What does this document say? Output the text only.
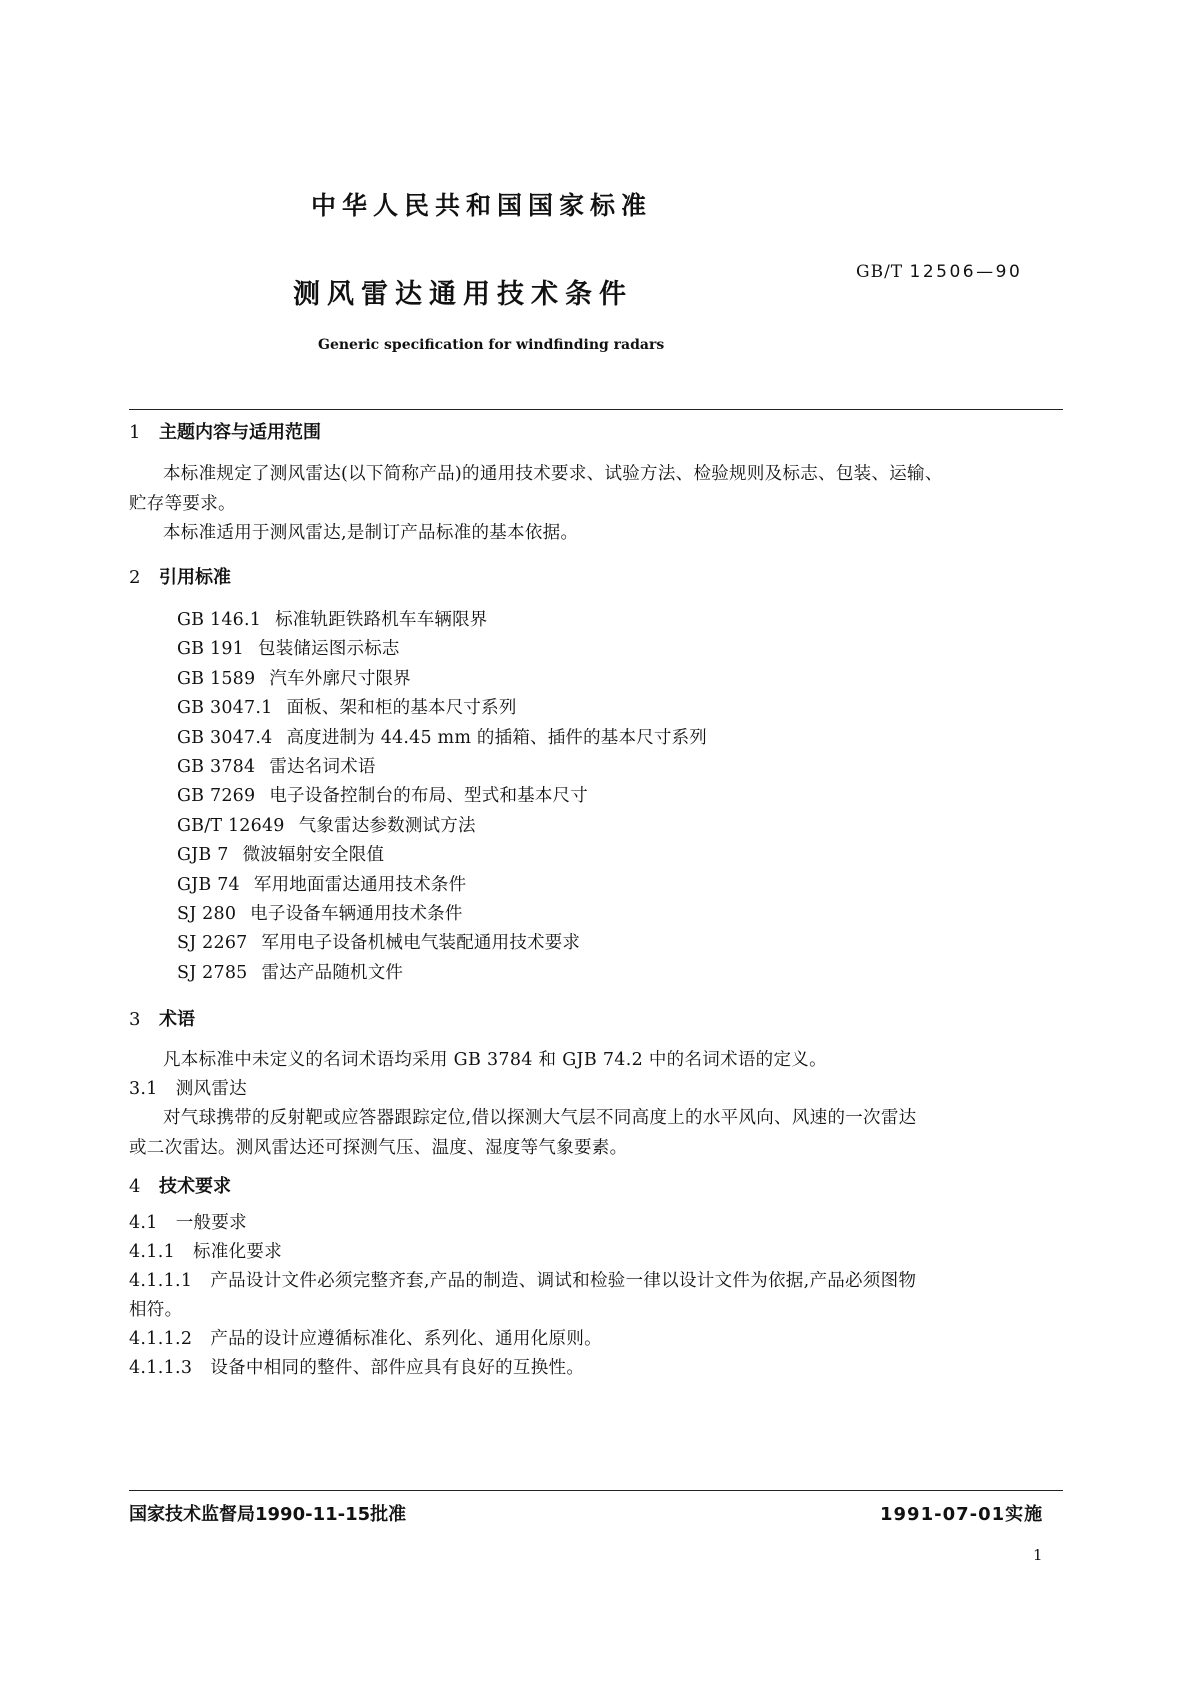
中华人民共和国国家标准
GB/T 12506—90
测风雷达通用技术条件
Generic specification for windfinding radars
1 主题内容与适用范围
本标准规定了测风雷达(以下简称产品)的通用技术要求、试验方法、检验规则及标志、包装、运输、
贮存等要求。
本标准适用于测风雷达,是制订产品标准的基本依据。
2 引用标准
GB 146.1 标准轨距铁路机车车辆限界
GB 191 包装储运图示标志
GB 1589 汽车外廓尺寸限界
GB 3047.1 面板、架和柜的基本尺寸系列
GB 3047.4 高度进制为 44.45 mm 的插箱、插件的基本尺寸系列
GB 3784 雷达名词术语
GB 7269 电子设备控制台的布局、型式和基本尺寸
GB/T 12649 气象雷达参数测试方法
GJB 7 微波辐射安全限值
GJB 74 军用地面雷达通用技术条件
SJ 280 电子设备车辆通用技术条件
SJ 2267 军用电子设备机械电气装配通用技术要求
SJ 2785 雷达产品随机文件
3 术语
凡本标准中未定义的名词术语均采用 GB 3784 和 GJB 74.2 中的名词术语的定义。
3.1 测风雷达
对气球携带的反射靶或应答器跟踪定位,借以探测大气层不同高度上的水平风向、风速的一次雷达
或二次雷达。测风雷达还可探测气压、温度、湿度等气象要素。
4 技术要求
4.1 一般要求
4.1.1 标准化要求
4.1.1.1 产品设计文件必须完整齐套,产品的制造、调试和检验一律以设计文件为依据,产品必须图物
相符。
4.1.1.2 产品的设计应遵循标准化、系列化、通用化原则。
4.1.1.3 设备中相同的整件、部件应具有良好的互换性。
国家技术监督局1990-11-15批准	1991-07-01实施
1
